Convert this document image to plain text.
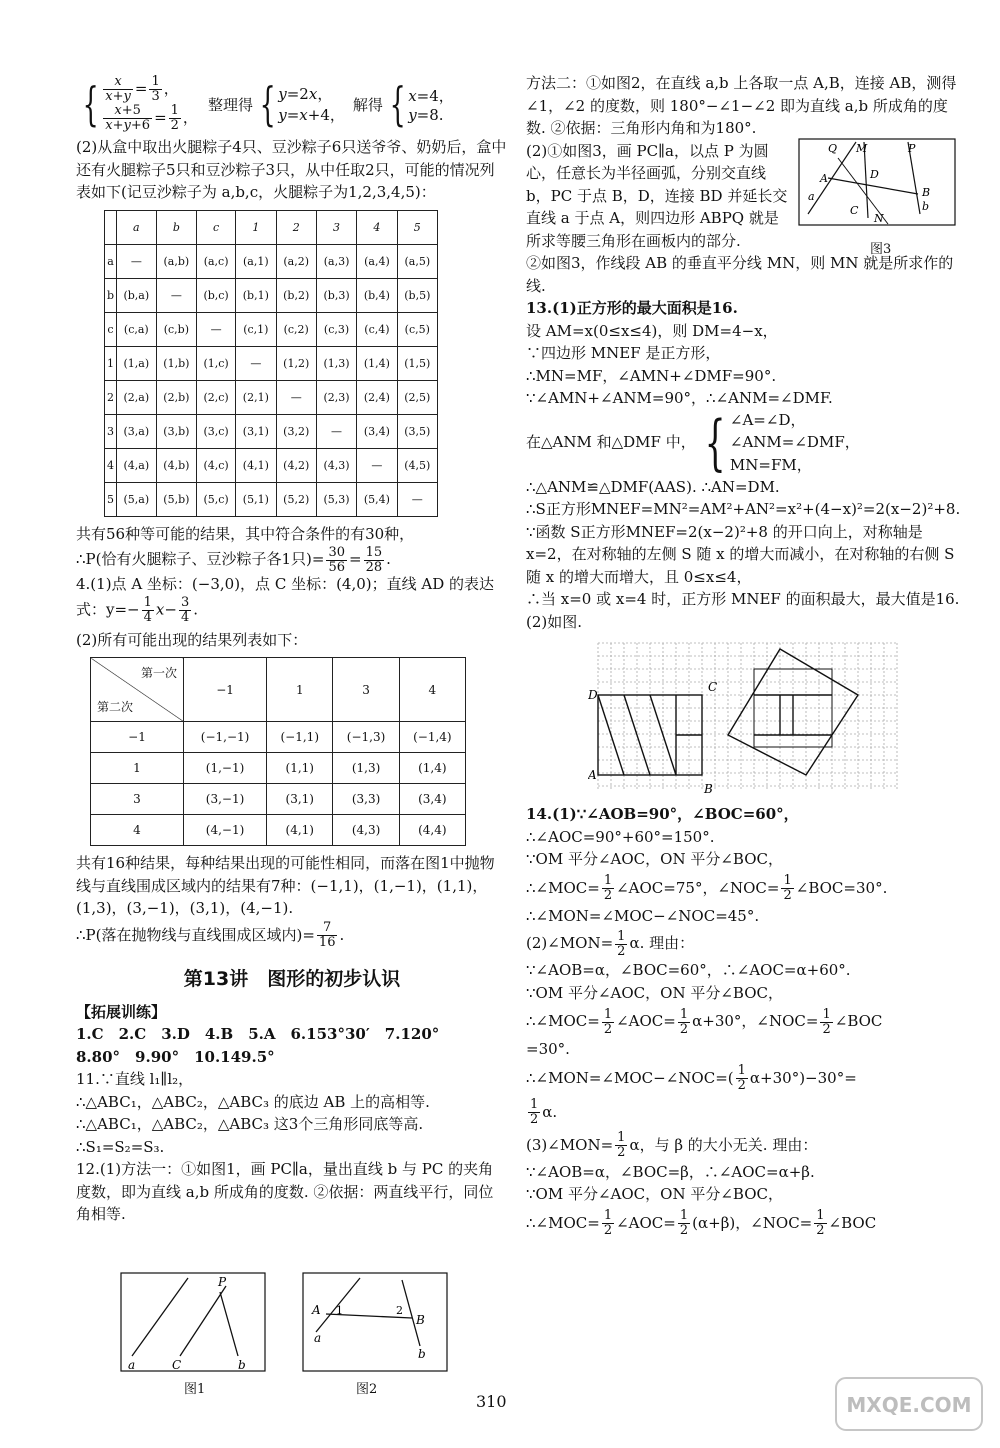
{ $\frac{x}{x+y} = \frac{1}{3}$ ，
$\frac{x+5}{x+y+6} = \frac{1}{2}$ ，
整理得 { y=2x，
y=x+4，
解得 { x=4，
y=8.

(2)从盒中取出火腿粽子4只、豆沙粽子6只送爷爷、奶奶后，盒中还有火腿粽子5只和豆沙粽子3只，从中任取2只，可能的情况列表如下(记豆沙粽子为 a,b,c，火腿粽子为1,2,3,4,5)：

	a	b	c	1	2	3	4	5
a	—	(a,b)	(a,c)	(a,1)	(a,2)	(a,3)	(a,4)	(a,5)
b	(b,a)	—	(b,c)	(b,1)	(b,2)	(b,3)	(b,4)	(b,5)
c	(c,a)	(c,b)	—	(c,1)	(c,2)	(c,3)	(c,4)	(c,5)
1	(1,a)	(1,b)	(1,c)	—	(1,2)	(1,3)	(1,4)	(1,5)
2	(2,a)	(2,b)	(2,c)	(2,1)	—	(2,3)	(2,4)	(2,5)
3	(3,a)	(3,b)	(3,c)	(3,1)	(3,2)	—	(3,4)	(3,5)
4	(4,a)	(4,b)	(4,c)	(4,1)	(4,2)	(4,3)	—	(4,5)
5	(5,a)	(5,b)	(5,c)	(5,1)	(5,2)	(5,3)	(5,4)	—

共有56种等可能的结果，其中符合条件的有30种，

∴P(恰有火腿粽子、豆沙粽子各1只)= $\frac{30}{56} = \frac{15}{28}$ .

4.(1)点 A 坐标：(−3,0)，点 C 坐标：(4,0)；直线 AD 的表达式：$y=- \frac{1}{4} x- \frac{3}{4}$ .

(2)所有可能出现的结果列表如下：

第一次
第二次	−1	1	3	4
−1	(−1,−1)	(−1,1)	(−1,3)	(−1,4)
1	(1,−1)	(1,1)	(1,3)	(1,4)
3	(3,−1)	(3,1)	(3,3)	(3,4)
4	(4,−1)	(4,1)	(4,3)	(4,4)

共有16种结果，每种结果出现的可能性相同，而落在图1中抛物线与直线围成区域内的结果有7种：(−1,1)，(1,−1)，(1,1)，(1,3)，(3,−1)，(3,1)，(4,−1).

∴P(落在抛物线与直线围成区域内)= $\frac{7}{16}$ .

第13讲　图形的初步认识

【拓展训练】

1.C　2.C　3.D　4.B　5.A　6.153°30′　7.120°

8.80°　9.90°　10.149.5°

11.∵直线 l₁∥l₂，

∴△ABC₁，△ABC₂，△ABC₃ 的底边 AB 上的高相等.

∴△ABC₁，△ABC₂，△ABC₃ 这3个三角形同底等高.

∴S₁=S₂=S₃.

12.(1)方法一：①如图1，画 PC∥a，量出直线 b 与 PC 的夹角度数，即为直线 a,b 所成角的度数. ②依据：两直线平行，同位角相等.

a	C
P
b
图1
A 1	2
B
a
b
图2

方法二：①如图2，在直线 a,b 上各取一点 A,B，连接 AB，测得∠1，∠2 的度数，则 180°−∠1−∠2 即为直线 a,b 所成角的度数. ②依据：三角形内角和为180°.

(2)①如图3，画 PC∥a，以点 P 为圆心，任意长为半径画弧，分别交直线 b，PC 于点 B，D，连接 BD 并延长交直线 a 于点 A，则四边形 ABPQ 就是所求等腰三角形在画板内的部分.

Q M	P
A	D
B
C
N
a
b
图3

②如图3，作线段 AB 的垂直平分线 MN，则 MN 就是所求作的线.

13.(1)正方形的最大面积是16.

设 AM=x(0≤x≤4)，则 DM=4−x，

∵四边形 MNEF 是正方形，

∴MN=MF，∠AMN+∠DMF=90°.

∵∠AMN+∠ANM=90°，∴∠ANM=∠DMF.

在△ANM 和△DMF 中， { ∠A=∠D，
∠ANM=∠DMF，
MN=FM，

∴△ANM≌△DMF(AAS). ∴AN=DM.

∴S正方形MNEF=MN²=AM²+AN²=x²+(4−x)²=2(x−2)²+8. ∵函数 S正方形MNEF=2(x−2)²+8 的开口向上，对称轴是 x=2，在对称轴的左侧 S 随 x 的增大而减小，在对称轴的右侧 S 随 x 的增大而增大，且 0≤x≤4，

∴当 x=0 或 x=4 时，正方形 MNEF 的面积最大，最大值是16.

(2)如图.

D
C
A
B

14.(1)∵∠AOB=90°，∠BOC=60°，

∴∠AOC=90°+60°=150°.

∵OM 平分∠AOC，ON 平分∠BOC，

∴∠MOC= $\frac{1}{2}$ ∠AOC=75°，∠NOC= $\frac{1}{2}$ ∠BOC=30°.

∴∠MON=∠MOC−∠NOC=45°.

(2)∠MON= $\frac{1}{2} \alpha$. 理由：

∵∠AOB=α，∠BOC=60°，∴∠AOC=α+60°.

∵OM 平分∠AOC，ON 平分∠BOC，

∴∠MOC= $\frac{1}{2}$ ∠AOC= $\frac{1}{2} \alpha+30^\circ$，∠NOC= $\frac{1}{2}$ ∠BOC

=30°.

∴∠MON=∠MOC−∠NOC=( $\frac{1}{2} \alpha+30^\circ)-30^\circ=$

$\frac{1}{2} \alpha$.

(3)∠MON= $\frac{1}{2}$ α，与 β 的大小无关. 理由：

∵∠AOB=α，∠BOC=β，∴∠AOC=α+β.

∵OM 平分∠AOC，ON 平分∠BOC，

∴∠MOC= $\frac{1}{2}$ ∠AOC= $\frac{1}{2} (\alpha+\beta)$，∠NOC= $\frac{1}{2}$ ∠BOC

310	MXQE.COM
